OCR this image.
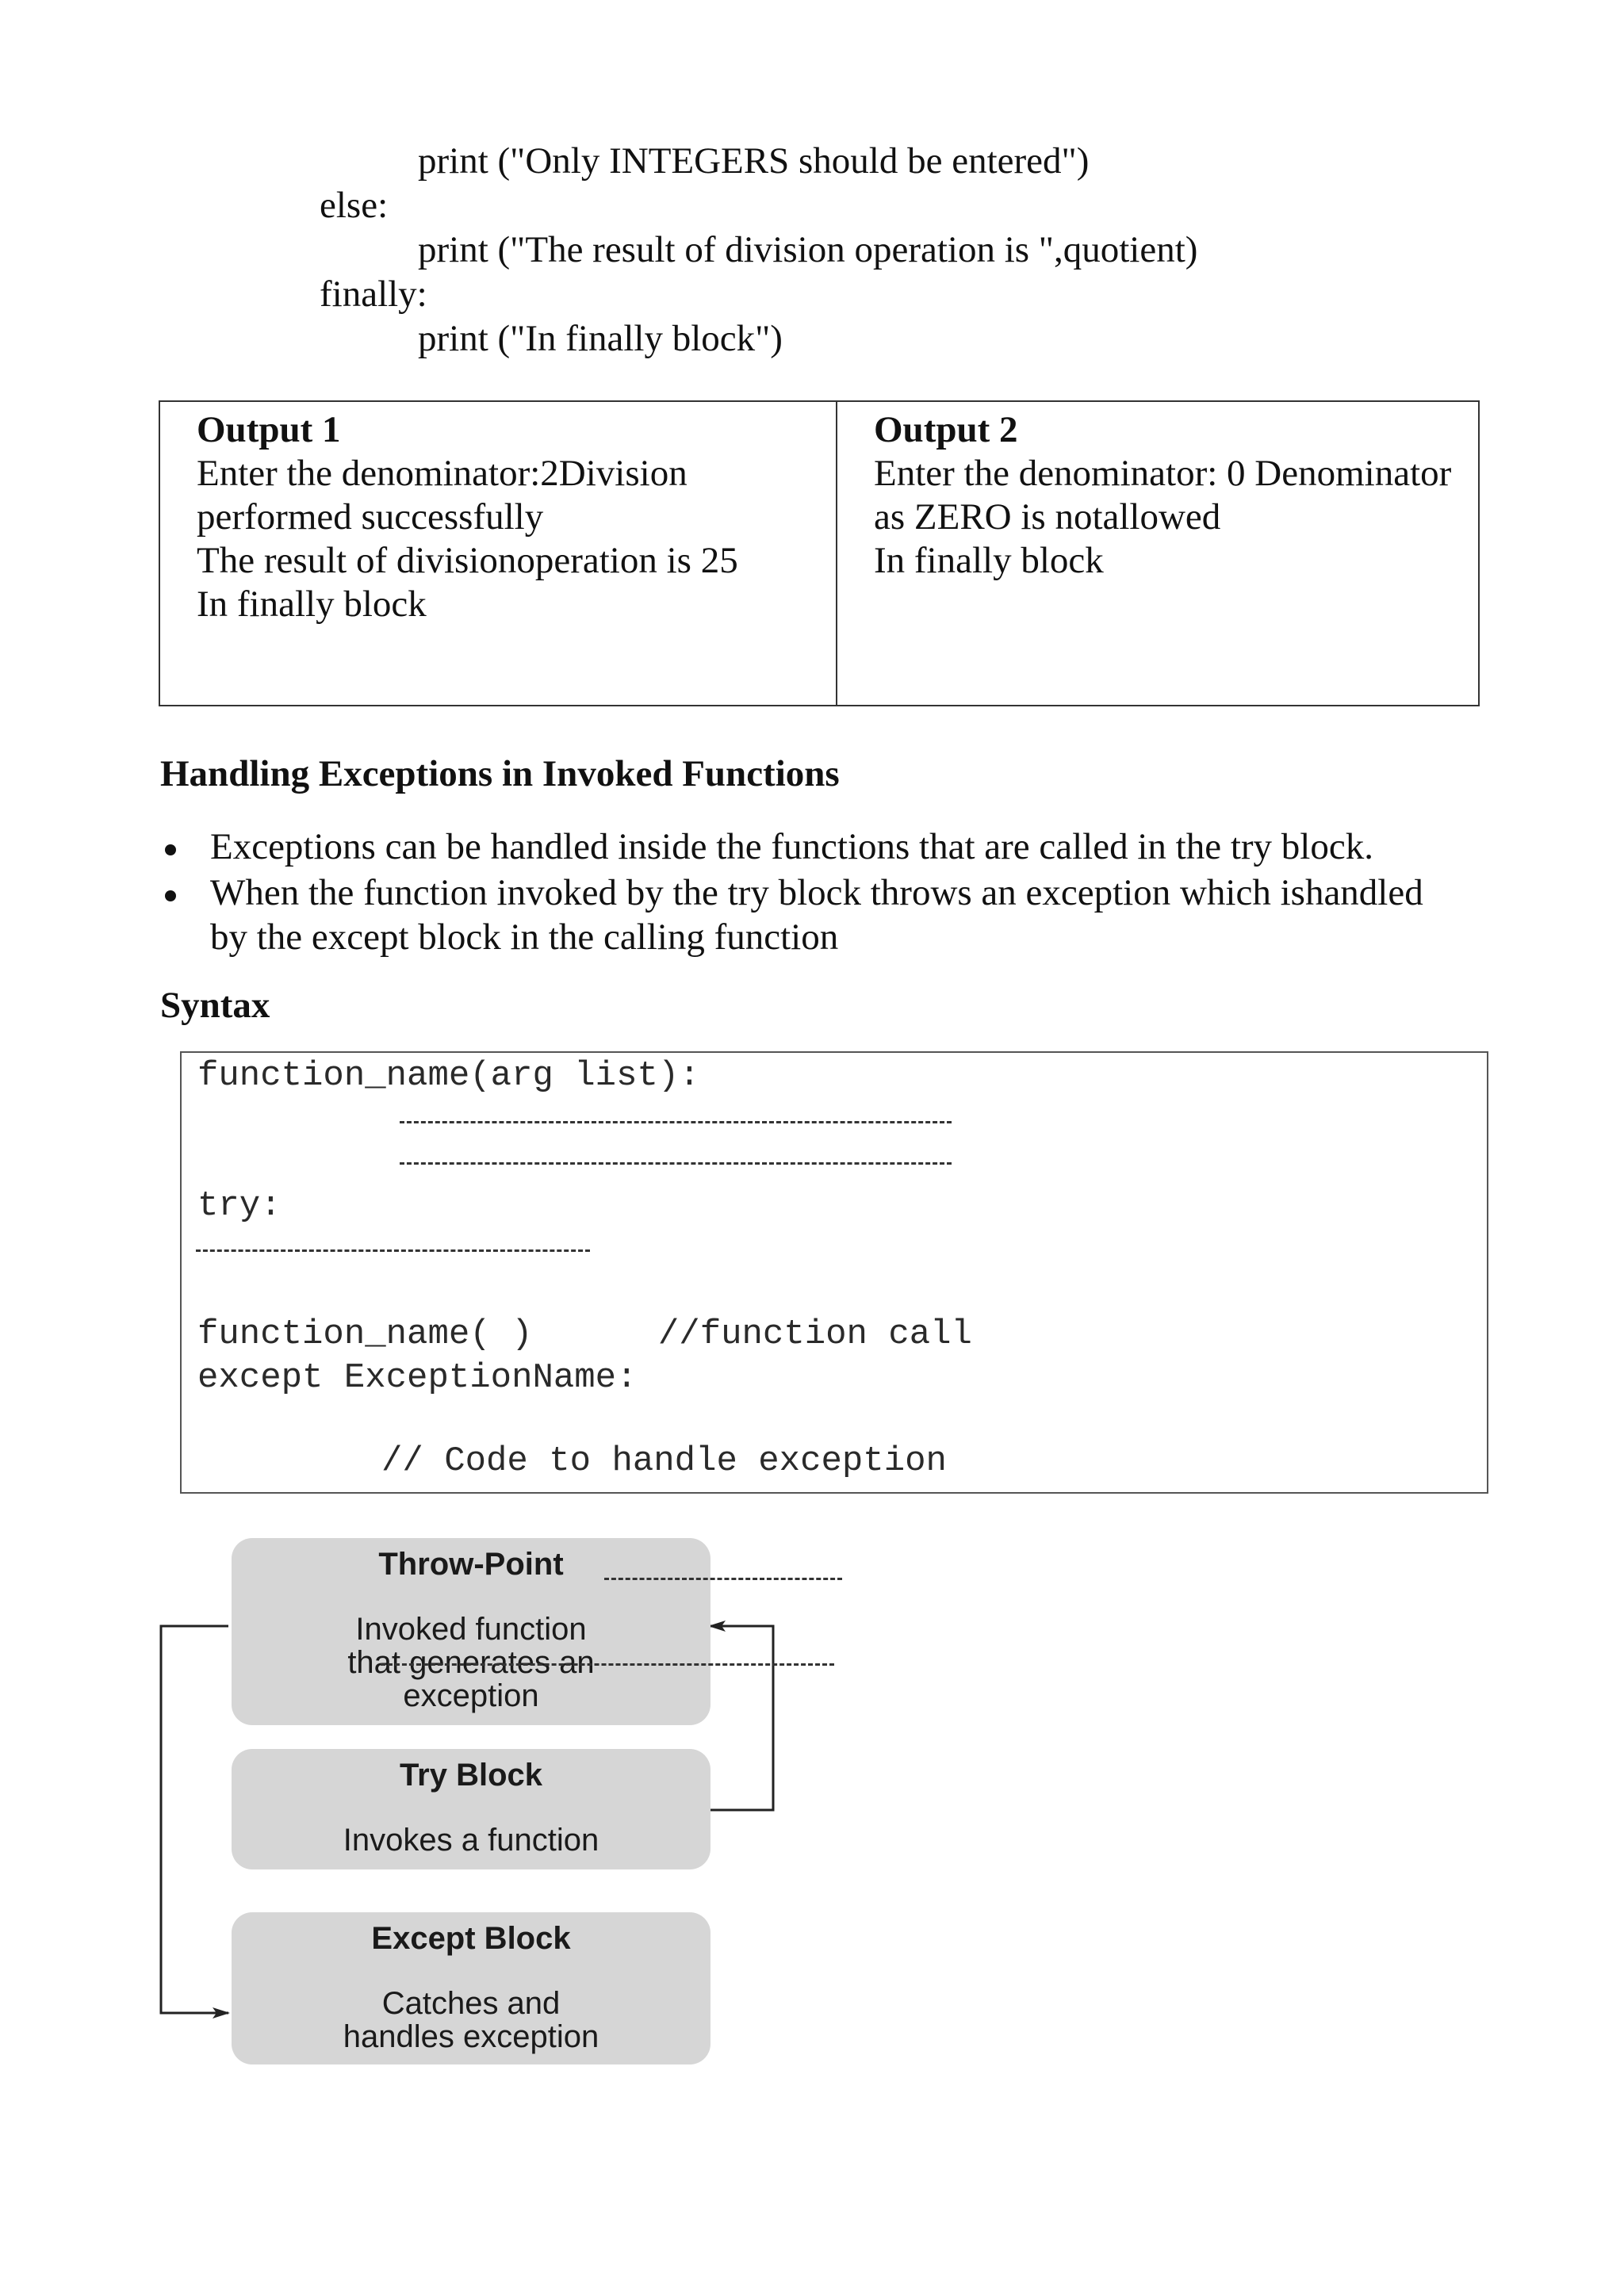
print ("Only INTEGERS should be entered")
else:
print ("The result of division operation is ",quotient)
finally:
print ("In finally block")
Output 1
Enter the denominator:2Division
performed successfully
The result of divisionoperation is 25
In finally block
Output 2
Enter the denominator: 0 Denominator
as ZERO is notallowed
In finally block
Handling Exceptions in Invoked Functions
Exceptions can be handled inside the functions that are called in the try block.
When the function invoked by the try block throws an exception which ishandled
by the except block in the calling function
Syntax
function_name(arg list):
try:
function_name( )      //function call
except ExceptionName:
// Code to handle exception
Throw-Point
Invoked function
that generates an
exception
Try Block
Invokes a function
Except Block
Catches and
handles exception
